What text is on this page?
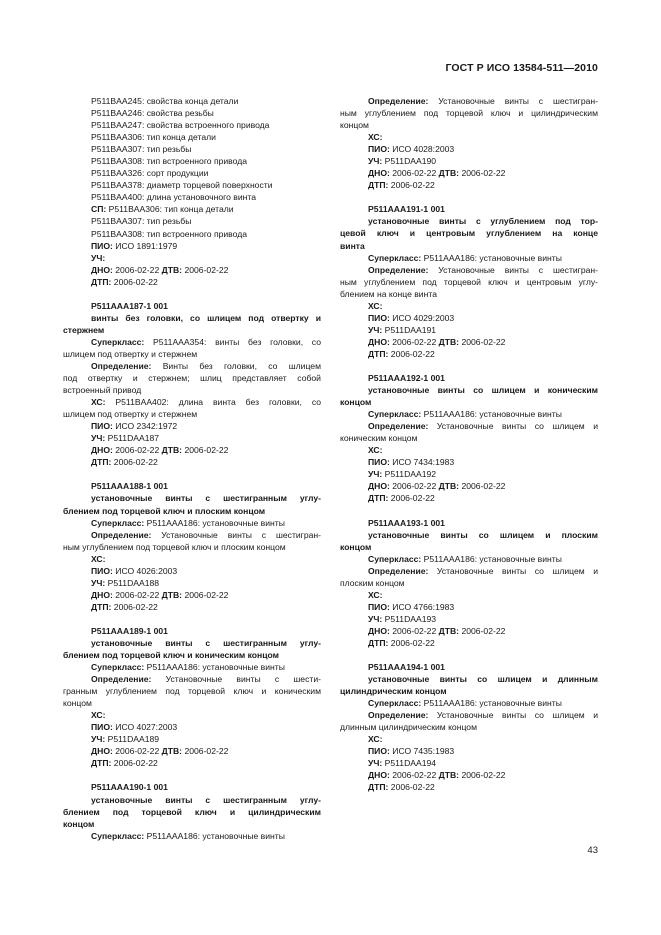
ГОСТ Р ИСО 13584-511—2010
P511BAA245: свойства конца детали
P511BAA246: свойства резьбы
P511BAA247: свойства встроенного привода
P511BAA306: тип конца детали
P511BAA307: тип резьбы
P511BAA308: тип встроенного привода
P511BAA326: сорт продукции
P511BAA378: диаметр торцевой поверхности
P511BAA400: длина установочного винта
СП: P511BAA306: тип конца детали
P511BAA307: тип резьбы
P511BAA308: тип встроенного привода
ПИО: ИСО 1891:1979
УЧ:
ДНО: 2006-02-22 ДТВ: 2006-02-22
ДТП: 2006-02-22
P511AAA187-1 001
винты без головки, со шлицем под отвертку и
стержнем
Суперкласс: P511AAA354: винты без головки, со
шлицем под отвертку и стержнем
Определение: Винты без головки, со шлицем
под отвертку и стержнем; шлиц представляет собой
встроенный привод
ХС: P511BAA402: длина винта без головки, со
шлицем под отвертку и стержнем
ПИО: ИСО 2342:1972
УЧ: P511DAA187
ДНО: 2006-02-22 ДТВ: 2006-02-22
ДТП: 2006-02-22
P511AAA188-1 001
установочные винты с шестигранным углу-
блением под торцевой ключ и плоским концом
Суперкласс: P511AAA186: установочные винты
Определение: Установочные винты с шестигран-
ным углублением под торцевой ключ и плоским концом
ХС:
ПИО: ИСО 4026:2003
УЧ: P511DAA188
ДНО: 2006-02-22 ДТВ: 2006-02-22
ДТП: 2006-02-22
P511AAA189-1 001
установочные винты с шестигранным углу-
блением под торцевой ключ и коническим концом
Суперкласс: P511AAA186: установочные винты
Определение: Установочные винты с шести-
гранным углублением под торцевой ключ и коническим
концом
ХС:
ПИО: ИСО 4027:2003
УЧ: P511DAA189
ДНО: 2006-02-22 ДТВ: 2006-02-22
ДТП: 2006-02-22
P511AAA190-1 001
установочные винты с шестигранным углу-
блением под торцевой ключ и цилиндрическим
концом
Суперкласс: P511AAA186: установочные винты
Определение: Установочные винты с шестигран-
ным углублением под торцевой ключ и цилиндрическим
концом
ХС:
ПИО: ИСО 4028:2003
УЧ: P511DAA190
ДНО: 2006-02-22 ДТВ: 2006-02-22
ДТП: 2006-02-22
P511AAA191-1 001
установочные винты с углублением под тор-
цевой ключ и центровым углублением на конце
винта
Суперкласс: P511AAA186: установочные винты
Определение: Установочные винты с шестигран-
ным углублением под торцевой ключ и центровым углу-
блением на конце винта
ХС:
ПИО: ИСО 4029:2003
УЧ: P511DAA191
ДНО: 2006-02-22 ДТВ: 2006-02-22
ДТП: 2006-02-22
P511AAA192-1 001
установочные винты со шлицем и коническим
концом
Суперкласс: P511AAA186: установочные винты
Определение: Установочные винты со шлицем и
коническим концом
ХС:
ПИО: ИСО 7434:1983
УЧ: P511DAA192
ДНО: 2006-02-22 ДТВ: 2006-02-22
ДТП: 2006-02-22
P511AAA193-1 001
установочные винты со шлицем и плоским
концом
Суперкласс: P511AAA186: установочные винты
Определение: Установочные винты со шлицем и
плоским концом
ХС:
ПИО: ИСО 4766:1983
УЧ: P511DAA193
ДНО: 2006-02-22 ДТВ: 2006-02-22
ДТП: 2006-02-22
P511AAA194-1 001
установочные винты со шлицем и длинным
цилиндрическим концом
Суперкласс: P511AAA186: установочные винты
Определение: Установочные винты со шлицем и
длинным цилиндрическим концом
ХС:
ПИО: ИСО 7435:1983
УЧ: P511DAA194
ДНО: 2006-02-22 ДТВ: 2006-02-22
ДТП: 2006-02-22
43
